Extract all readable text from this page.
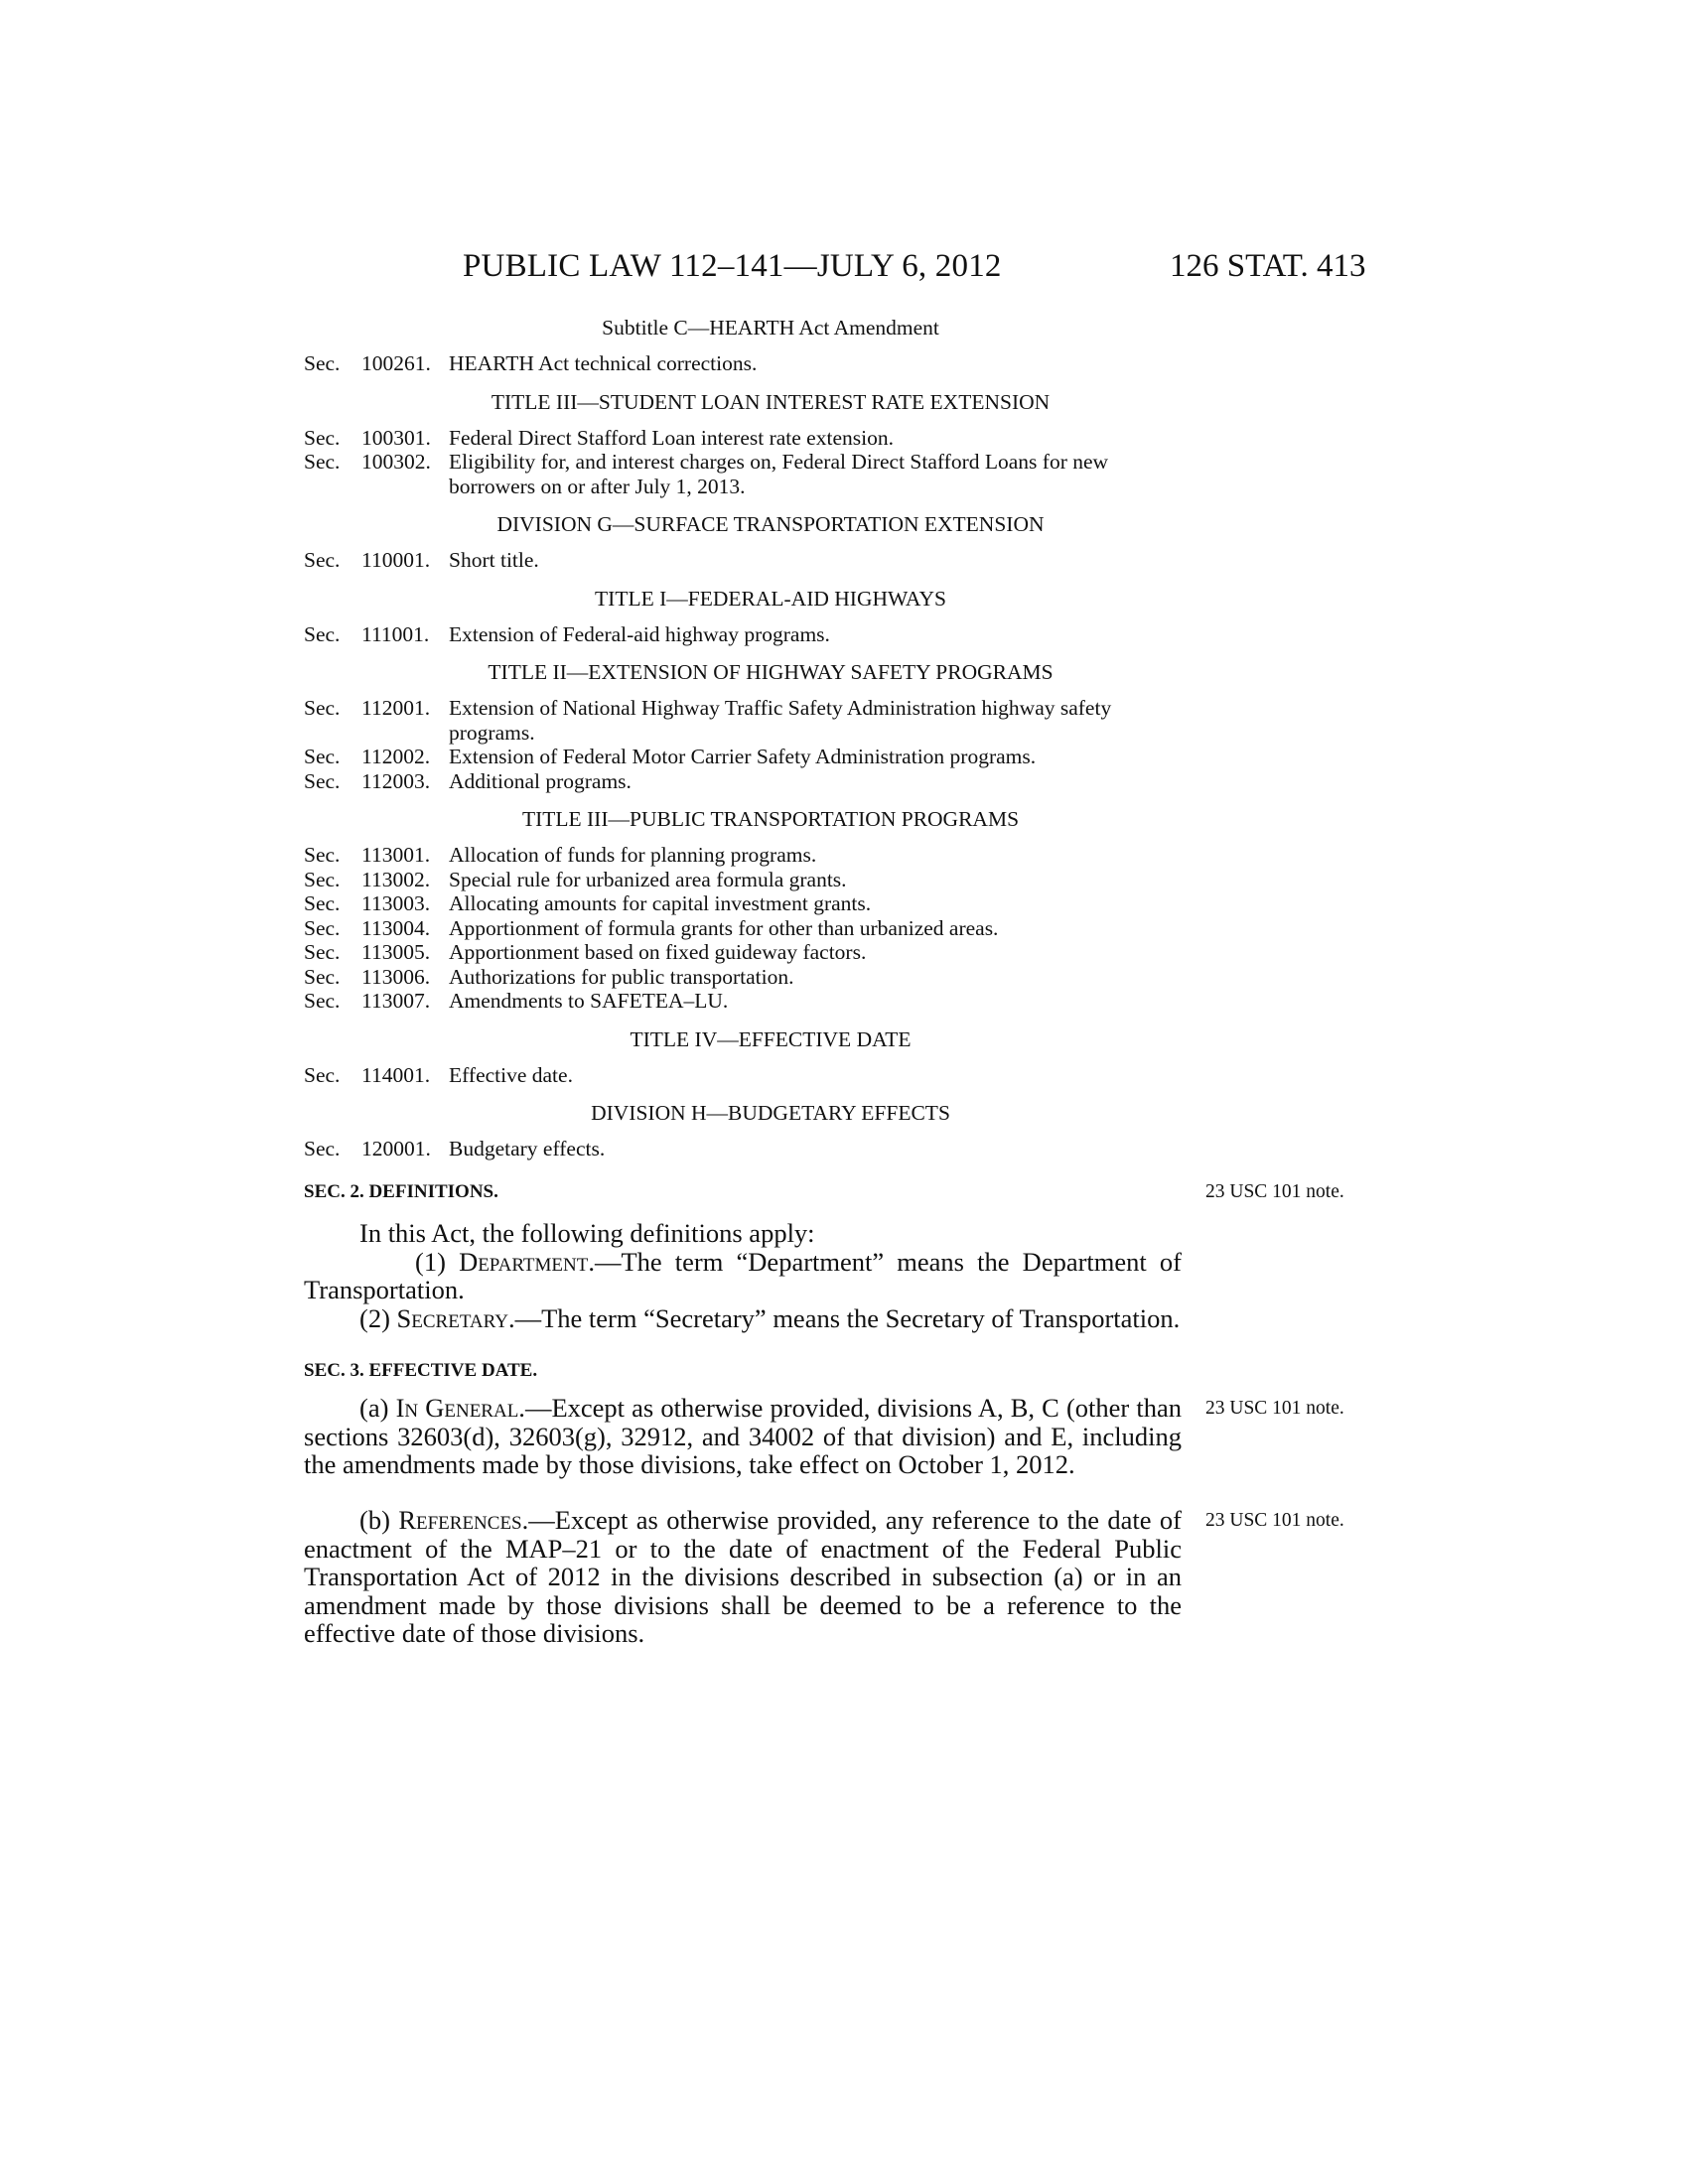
PUBLIC LAW 112–141—JULY 6, 2012	126 STAT. 413
Subtitle C—HEARTH Act Amendment
Sec.	100261. HEARTH Act technical corrections.
TITLE III—STUDENT LOAN INTEREST RATE EXTENSION
Sec.	100301. Federal Direct Stafford Loan interest rate extension.
Sec.	100302. Eligibility for, and interest charges on, Federal Direct Stafford Loans for new borrowers on or after July 1, 2013.
DIVISION G—SURFACE TRANSPORTATION EXTENSION
Sec.	110001. Short title.
TITLE I—FEDERAL-AID HIGHWAYS
Sec.	111001. Extension of Federal-aid highway programs.
TITLE II—EXTENSION OF HIGHWAY SAFETY PROGRAMS
Sec.	112001. Extension of National Highway Traffic Safety Administration highway safety programs.
Sec.	112002. Extension of Federal Motor Carrier Safety Administration programs.
Sec.	112003. Additional programs.
TITLE III—PUBLIC TRANSPORTATION PROGRAMS
Sec.	113001. Allocation of funds for planning programs.
Sec.	113002. Special rule for urbanized area formula grants.
Sec.	113003. Allocating amounts for capital investment grants.
Sec.	113004. Apportionment of formula grants for other than urbanized areas.
Sec.	113005. Apportionment based on fixed guideway factors.
Sec.	113006. Authorizations for public transportation.
Sec.	113007. Amendments to SAFETEA–LU.
TITLE IV—EFFECTIVE DATE
Sec.	114001. Effective date.
DIVISION H—BUDGETARY EFFECTS
Sec.	120001. Budgetary effects.
SEC. 2. DEFINITIONS.	23 USC 101 note.

In this Act, the following definitions apply:

(1) Department.—The term “Department” means the Department of Transportation.

(2) Secretary.—The term “Secretary” means the Secretary of Transportation.

SEC. 3. EFFECTIVE DATE.
23 USC 101 note.

(a) In General.—Except as otherwise provided, divisions A, B, C (other than sections 32603(d), 32603(g), 32912, and 34002 of that division) and E, including the amendments made by those divisions, take effect on October 1, 2012.

23 USC 101 note.

(b) References.—Except as otherwise provided, any reference to the date of enactment of the MAP–21 or to the date of enactment of the Federal Public Transportation Act of 2012 in the divisions described in subsection (a) or in an amendment made by those divisions shall be deemed to be a reference to the effective date of those divisions.
